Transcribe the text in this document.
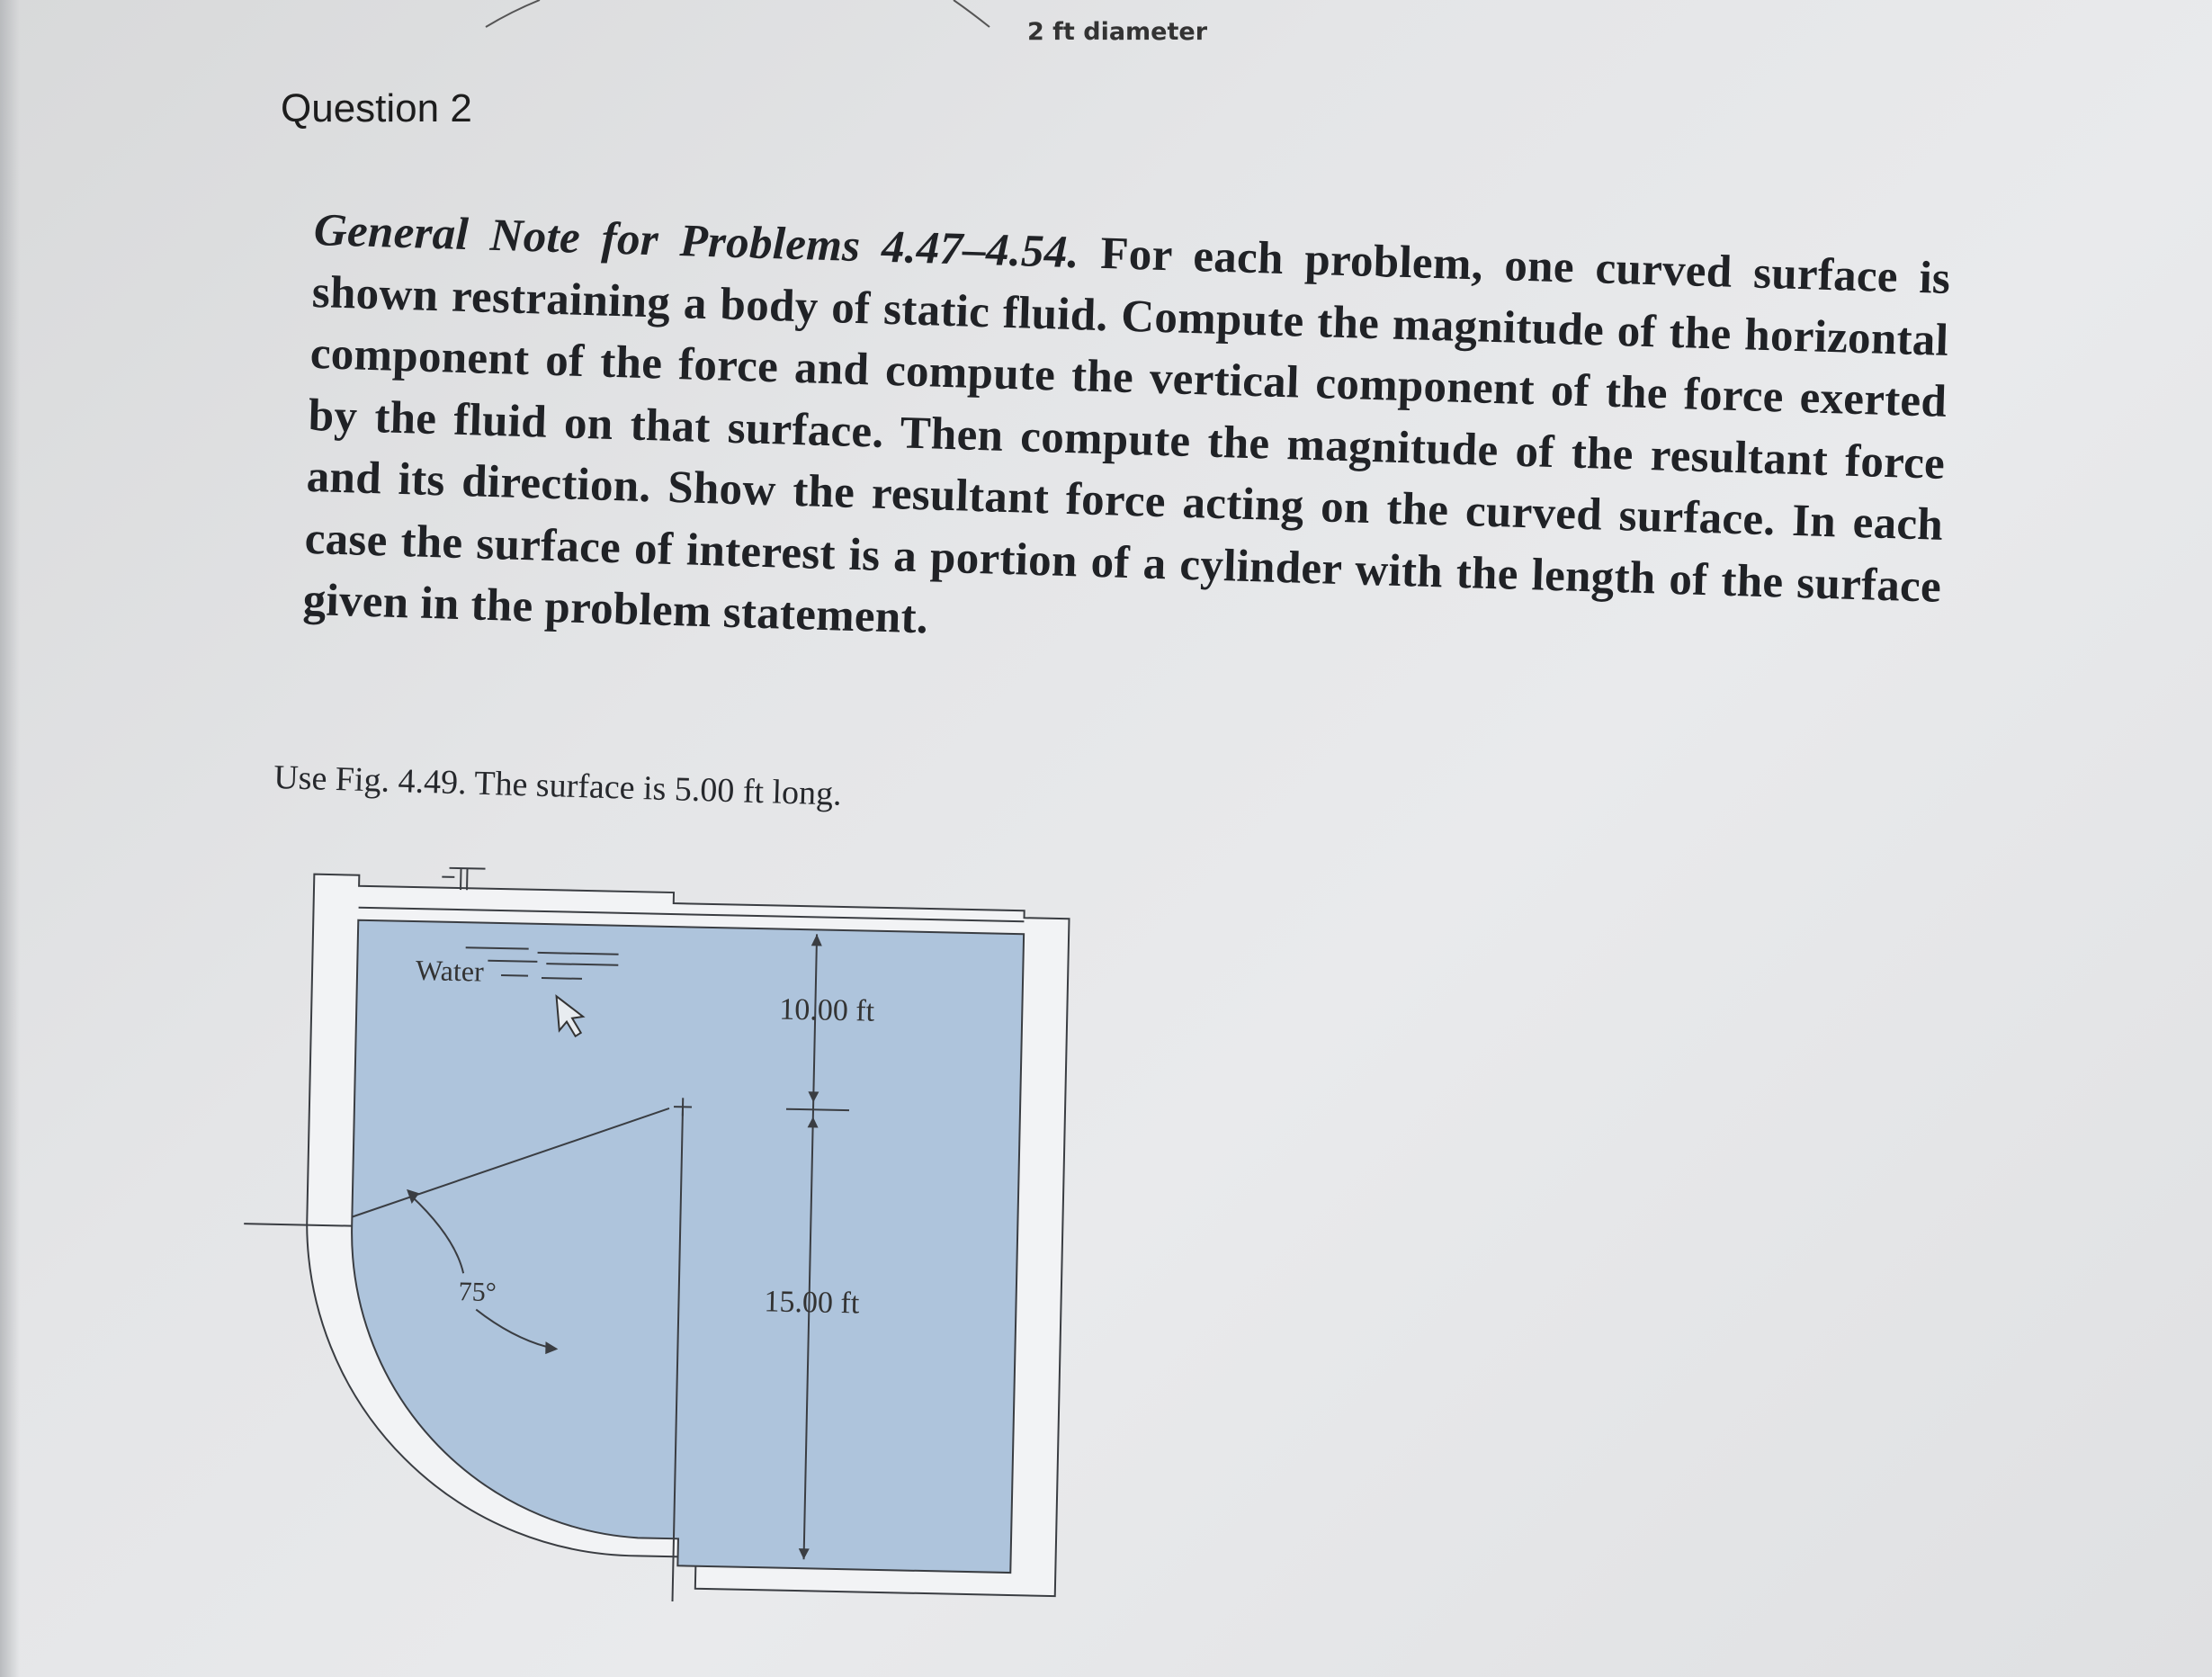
2 ft diameter
Question 2
General Note for Problems 4.47–4.54. For each problem, one curved surface is shown restraining a body of static fluid. Compute the magnitude of the horizontal component of the force and compute the vertical component of the force exerted by the fluid on that surface. Then compute the magnitude of the resultant force and its direction. Show the resultant force acting on the curved surface. In each case the surface of interest is a portion of a cylinder with the length of the surface given in the problem statement.
Use Fig. 4.49. The surface is 5.00 ft long.
Water
10.00 ft
15.00 ft
75°
